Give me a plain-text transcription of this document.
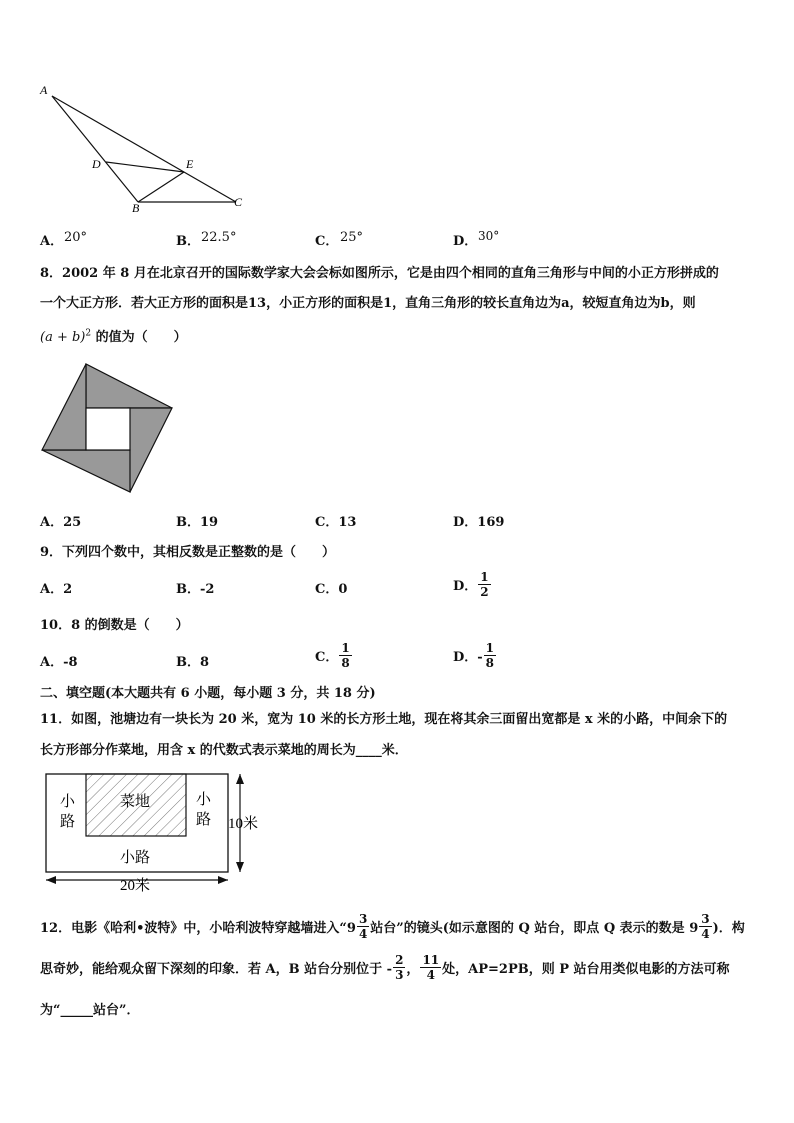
A
D	E
B	C
A． 20°	B． 22.5°	C． 25°	D． 30°
8．2002 年 8 月在北京召开的国际数学家大会会标如图所示，它是由四个相同的直角三角形与中间的小正方形拼成的
一个大正方形．若大正方形的面积是13，小正方形的面积是1，直角三角形的较长直角边为a，较短直角边为b，则
$(a + b)^2$ 的值为（　　）
A．25	B．19	C．13	D．169
9．下列四个数中，其相反数是正整数的是（　　）
A．2	B．-2	C．0	D． $\frac{1}{2}$
10．8 的倒数是（　　）
A．-8	B．8	C． $\frac{1}{8}$	D．- $\frac{1}{8}$
二、填空题(本大题共有 6 小题，每小题 3 分，共 18 分)
11．如图，池塘边有一块长为 20 米，宽为 10 米的长方形土地，现在将其余三面留出宽都是 x 米的小路，中间余下的
长方形部分作菜地，用含 x 的代数式表示菜地的周长为____米．
菜地
小
路
小
路
小路
10米
20米
12．电影《哈利•波特》中，小哈利波特穿越墙进入“$9 \frac{3}{4}$ 站台”的镜头(如示意图的 Q 站台，即点 Q 表示的数是 $9 \frac{3}{4}$ )．构
思奇妙，能给观众留下深刻的印象．若 A，B 站台分别位于 - $\frac{2}{3}$ ， $\frac{11}{4}$ 处，AP=2PB，则 P 站台用类似电影的方法可称
为“_____站台”．
